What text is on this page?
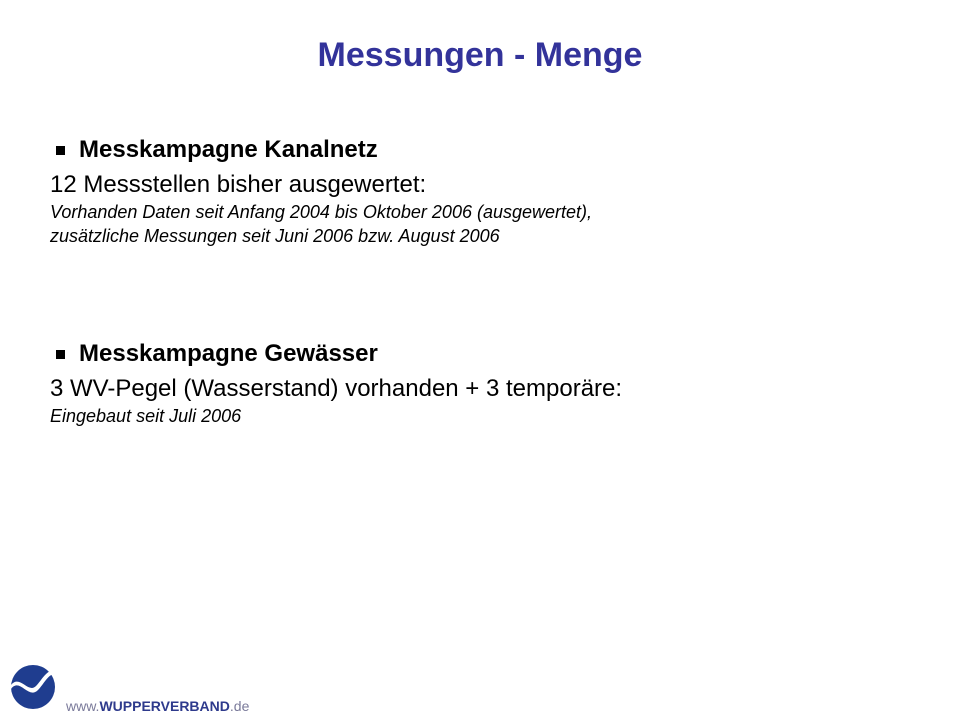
Messungen - Menge
Messkampagne Kanalnetz
12 Messstellen bisher ausgewertet:
Vorhanden Daten seit Anfang 2004 bis Oktober 2006 (ausgewertet),
zusätzliche Messungen seit Juni 2006 bzw. August 2006
Messkampagne Gewässer
3 WV-Pegel (Wasserstand) vorhanden + 3 temporäre:
Eingebaut seit Juli 2006
www.WUPPERVERBAND.de
